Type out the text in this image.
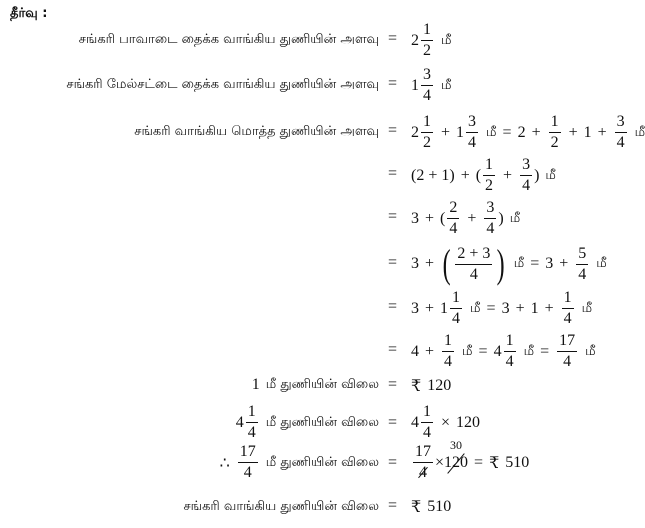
தீர்வு :
சங்கரி பாவாடை தைக்க வாங்கிய துணியின் அளவு = $2 \frac{1}{2}$ மீ
சங்கரி மேல்சட்டை தைக்க வாங்கிய துணியின் அளவு = $1 \frac{3}{4}$ மீ
சங்கரி வாங்கிய மொத்த துணியின் அளவு = $2 \frac{1}{2} + 1 \frac{3}{4}$ மீ = $2 + \frac{1}{2} + 1 + \frac{3}{4}$ மீ
= (2 + 1) + ( $\frac{1}{2} + \frac{3}{4}$ ) மீ
= 3 + ( $\frac{2}{4} + \frac{3}{4}$ ) மீ
= 3 + ( $\frac{2 + 3}{4}$ ) மீ = $3 + \frac{5}{4}$ மீ
= $3 + 1 \frac{1}{4}$ மீ = $3 + 1 + \frac{1}{4}$ மீ
= $4 + \frac{1}{4}$ மீ = $4 \frac{1}{4}$ மீ = $\frac{17}{4}$ மீ
1 மீ துணியின் விலை = ₹ 120
$4 \frac{1}{4}$ மீ துணியின் விலை = $4 \frac{1}{4} \times 120$
∴ $\frac{17}{4}$ மீ துணியின் விலை = $\frac{17}{4}$ ×
30
120 = ₹ 510
சங்கரி வாங்கிய துணியின் விலை = ₹ 510
